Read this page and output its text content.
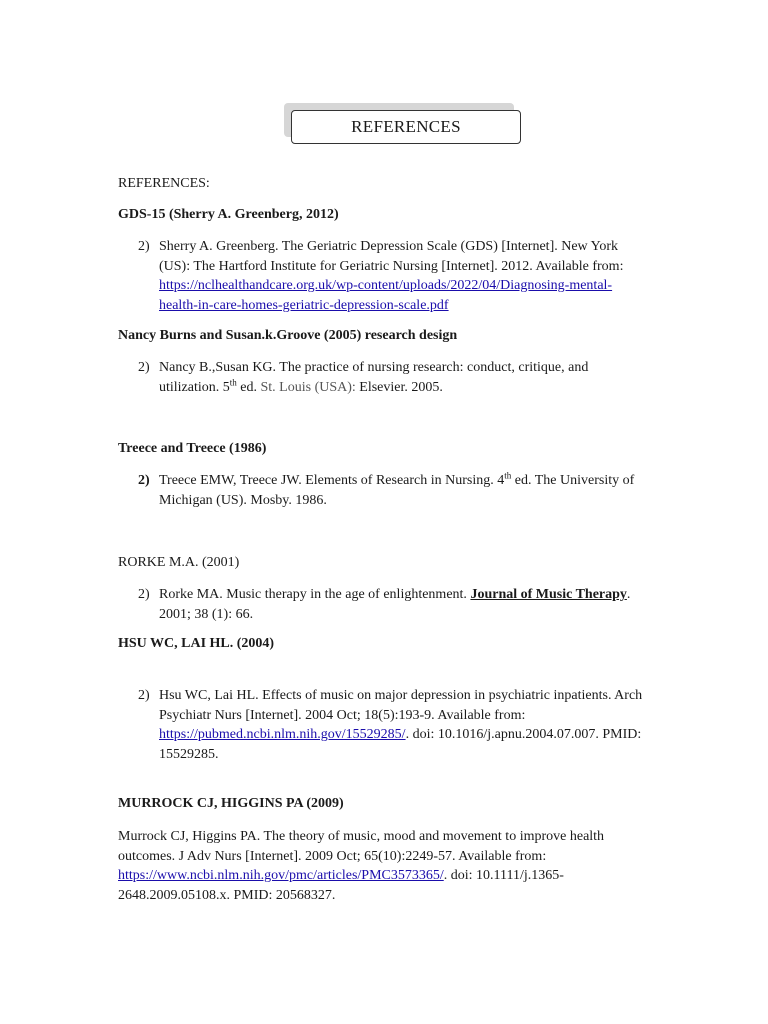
REFERENCES
REFERENCES:
GDS-15 (Sherry A. Greenberg, 2012)
2) Sherry A. Greenberg. The Geriatric Depression Scale (GDS) [Internet]. New York
(US): The Hartford Institute for Geriatric Nursing [Internet]. 2012. Available from:
https://nclhealthandcare.org.uk/wp-content/uploads/2022/04/Diagnosing-mental-
health-in-care-homes-geriatric-depression-scale.pdf
Nancy Burns and Susan.k.Groove (2005) research design
2) Nancy B.,Susan KG. The practice of nursing research: conduct, critique, and
utilization. 5th ed. St. Louis (USA): Elsevier. 2005.
Treece and Treece (1986)
2) Treece EMW, Treece JW. Elements of Research in Nursing. 4th ed. The University of
Michigan (US). Mosby. 1986.
RORKE M.A. (2001)
2) Rorke MA. Music therapy in the age of enlightenment. Journal of Music Therapy.
2001; 38 (1): 66.
HSU WC, LAI HL. (2004)
2) Hsu WC, Lai HL. Effects of music on major depression in psychiatric inpatients. Arch
Psychiatr Nurs [Internet]. 2004 Oct; 18(5):193-9. Available from:
https://pubmed.ncbi.nlm.nih.gov/15529285/. doi: 10.1016/j.apnu.2004.07.007. PMID:
15529285.
MURROCK CJ, HIGGINS PA (2009)
Murrock CJ, Higgins PA. The theory of music, mood and movement to improve health
outcomes. J Adv Nurs [Internet]. 2009 Oct; 65(10):2249-57. Available from:
https://www.ncbi.nlm.nih.gov/pmc/articles/PMC3573365/. doi: 10.1111/j.1365-
2648.2009.05108.x. PMID: 20568327.
